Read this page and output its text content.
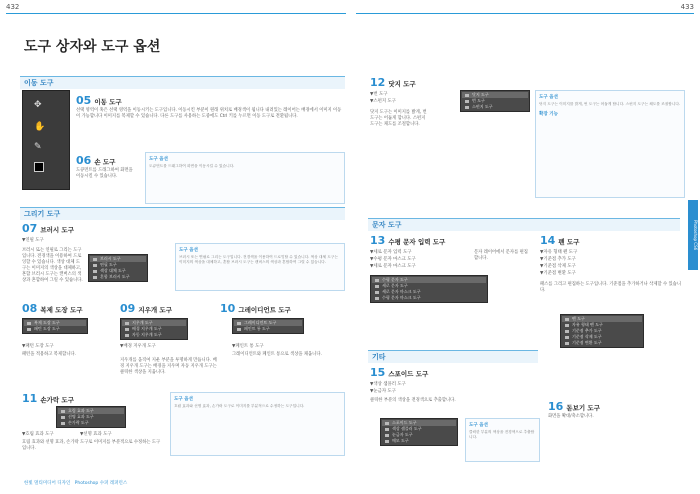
432	433
도구 상자와 도구 옵션
이동 도구
✥
✋
✎
05 이동 도구
선택 영역이 혹은 선택 영역을 이동시키는 도구입니다. 이동시킨 부분이 원래 위치로 배경색이 됩니다 내려있는 레이어는 배경에서 이미지 이동이 가능합니다 이미지를 복제할 수 있습니다. 다른 도구를 사용하는 도중에도 Ctrl 키를 누르면 이동 도구로 전환됩니다.
06 손 도구
도큐먼트를 드래그하여 화면을 이동시킬 수 있습니다.
도구 옵션
도큐먼트를 드래그하여 화면을 이동시킬 수 있습니다.
그리기 도구
07 브러시 도구
▼연필 도구
브러시 또는 연필로 그리는 도구입니다. 전경색을 이용하여 드로잉할 수 있습니다. 색상 대체 도구는 이미지의 색상을 대체하고, 혼합 브러시 도구는 캔버스의 색상과 혼합하여 그릴 수 있습니다.
브러시 도구
연필 도구
색상 대체 도구
혼합 브러시 도구
도구 옵션
브러시 또는 연필로 그리는 도구입니다. 전경색을 이용하여 드로잉할 수 있습니다. 색상 대체 도구는 이미지의 색상을 대체하고, 혼합 브러시 도구는 캔버스의 색상과 혼합하여 그릴 수 있습니다.
08 복제 도장 도구
복제 도장 도구
패턴 도장 도구
▼패턴 도장 도구
패턴을 적용하고 복제합니다.
09 지우개 도구
지우개 도구
배경 지우개 도구
자동 지우개 도구
▼배경 지우개 도구
지우개를 움직여 지운 부분을 투명하게 만듭니다. 배경 지우개 도구는 배경을 지우며 자동 지우개 도구는 클릭한 색상을 지웁니다.
10 그레이디언트 도구
그레이디언트 도구
페인트 통 도구
▼페인트 통 도구
그레이디언트와 페인트 통으로 색상을 채웁니다.
11 손가락 도구
흐림 효과 도구
선명 효과 도구
손가락 도구
▼흐림 효과 도구	▼선명 효과 도구
흐림 효과와 선명 효과, 손가락 도구로 이미지를 부분적으로 수정하는 도구입니다.
도구 옵션
흐림 효과와 선명 효과, 손가락 도구로 이미지를 부분적으로 수정하는 도구입니다.
한빛 멀티미디어 디자인 Photoshop 수퍼 레퍼런스
12 닷지 도구
▼번 도구
▼스펀지 도구
닷지 도구는 이미지를 밝게, 번 도구는 어둡게 합니다. 스펀지 도구는 채도를 조절합니다.
닷지 도구
번 도구
스펀지 도구
도구 옵션
닷지 도구는 이미지를 밝게, 번 도구는 어둡게 합니다. 스펀지 도구는 채도를 조절합니다.
확장 기능
문자 도구
13 수평 문자 입력 도구
▼세로 문자 입력 도구
▼수평 문자 마스크 도구
▼세로 문자 마스크 도구
문자 레이어에서 문자를 편집합니다.
수평 문자 도구
세로 문자 도구
세로 문자 마스크 도구
수평 문자 마스크 도구
14 펜 도구
▼자유 형태 펜 도구
▼기준점 추가 도구
▼기준점 삭제 도구
▼기준점 변환 도구
패스를 그리고 편집하는 도구입니다. 기준점을 추가하거나 삭제할 수 있습니다.
펜 도구
자유 형태 펜 도구
기준점 추가 도구
기준점 삭제 도구
기준점 변환 도구
기타
15 스포이드 도구
▼색상 샘플러 도구
▼눈금자 도구
클릭한 부분의 색상을 전경색으로 추출합니다.
스포이드 도구
색상 샘플러 도구
눈금자 도구
메모 도구
도구 옵션
클릭한 부분의 색상을 전경색으로 추출합니다.
16 돋보기 도구
화면을 확대/축소합니다.
Photoshop CS6
